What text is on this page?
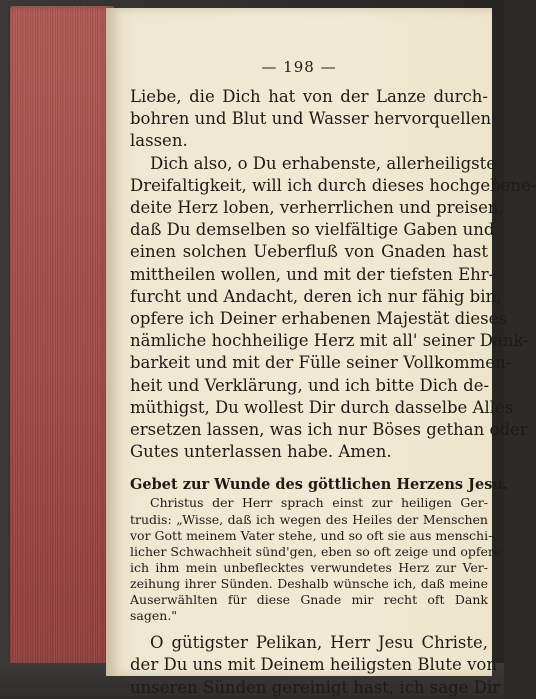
— 198 —
Liebe, die Dich hat von der Lanze durch-
bohren und Blut und Wasser hervorquellen
lassen.
Dich also, o Du erhabenste, allerheiligste
Dreifaltigkeit, will ich durch dieses hochgebene-
deite Herz loben, verherrlichen und preisen,
daß Du demselben so vielfältige Gaben und
einen solchen Ueberfluß von Gnaden hast
mittheilen wollen, und mit der tiefsten Ehr-
furcht und Andacht, deren ich nur fähig bin,
opfere ich Deiner erhabenen Majestät dieses
nämliche hochheilige Herz mit all' seiner Dank-
barkeit und mit der Fülle seiner Vollkommen-
heit und Verklärung, und ich bitte Dich de-
müthigst, Du wollest Dir durch dasselbe Alles
ersetzen lassen, was ich nur Böses gethan oder
Gutes unterlassen habe. Amen.
Gebet zur Wunde des göttlichen Herzens Jesu.
Christus der Herr sprach einst zur heiligen Ger-
trudis: „Wisse, daß ich wegen des Heiles der Menschen
vor Gott meinem Vater stehe, und so oft sie aus menschi-
licher Schwachheit sünd'gen, eben so oft zeige und opfere
ich ihm mein unbeflecktes verwundetes Herz zur Ver-
zeihung ihrer Sünden. Deshalb wünsche ich, daß meine
Auserwählten für diese Gnade mir recht oft Dank
sagen."
O gütigster Pelikan, Herr Jesu Christe,
der Du uns mit Deinem heiligsten Blute von
unseren Sünden gereinigt hast, ich sage Dir
